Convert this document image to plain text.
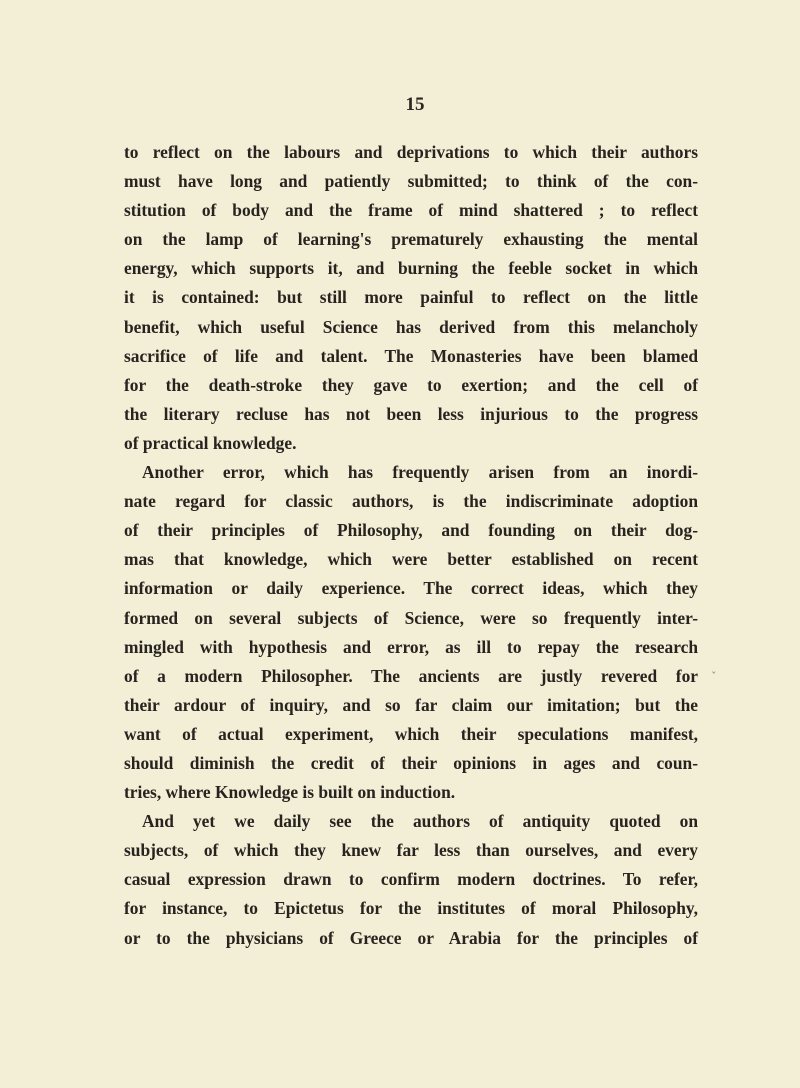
15
to reflect on the labours and deprivations to which their authors
must have long and patiently submitted; to think of the con-
stitution of body and the frame of mind shattered ; to reflect
on the lamp of learning's prematurely exhausting the mental
energy, which supports it, and burning the feeble socket in which
it is contained: but still more painful to reflect on the little
benefit, which useful Science has derived from this melancholy
sacrifice of life and talent. The Monasteries have been blamed
for the death-stroke they gave to exertion; and the cell of
the literary recluse has not been less injurious to the progress
of practical knowledge.
Another error, which has frequently arisen from an inordi-
nate regard for classic authors, is the indiscriminate adoption
of their principles of Philosophy, and founding on their dog-
mas that knowledge, which were better established on recent
information or daily experience. The correct ideas, which they
formed on several subjects of Science, were so frequently inter-
mingled with hypothesis and error, as ill to repay the research
of a modern Philosopher. The ancients are justly revered for
their ardour of inquiry, and so far claim our imitation; but the
want of actual experiment, which their speculations manifest,
should diminish the credit of their opinions in ages and coun-
tries, where Knowledge is built on induction.
And yet we daily see the authors of antiquity quoted on
subjects, of which they knew far less than ourselves, and every
casual expression drawn to confirm modern doctrines. To refer,
for instance, to Epictetus for the institutes of moral Philosophy,
or to the physicians of Greece or Arabia for the principles of
ˇ
